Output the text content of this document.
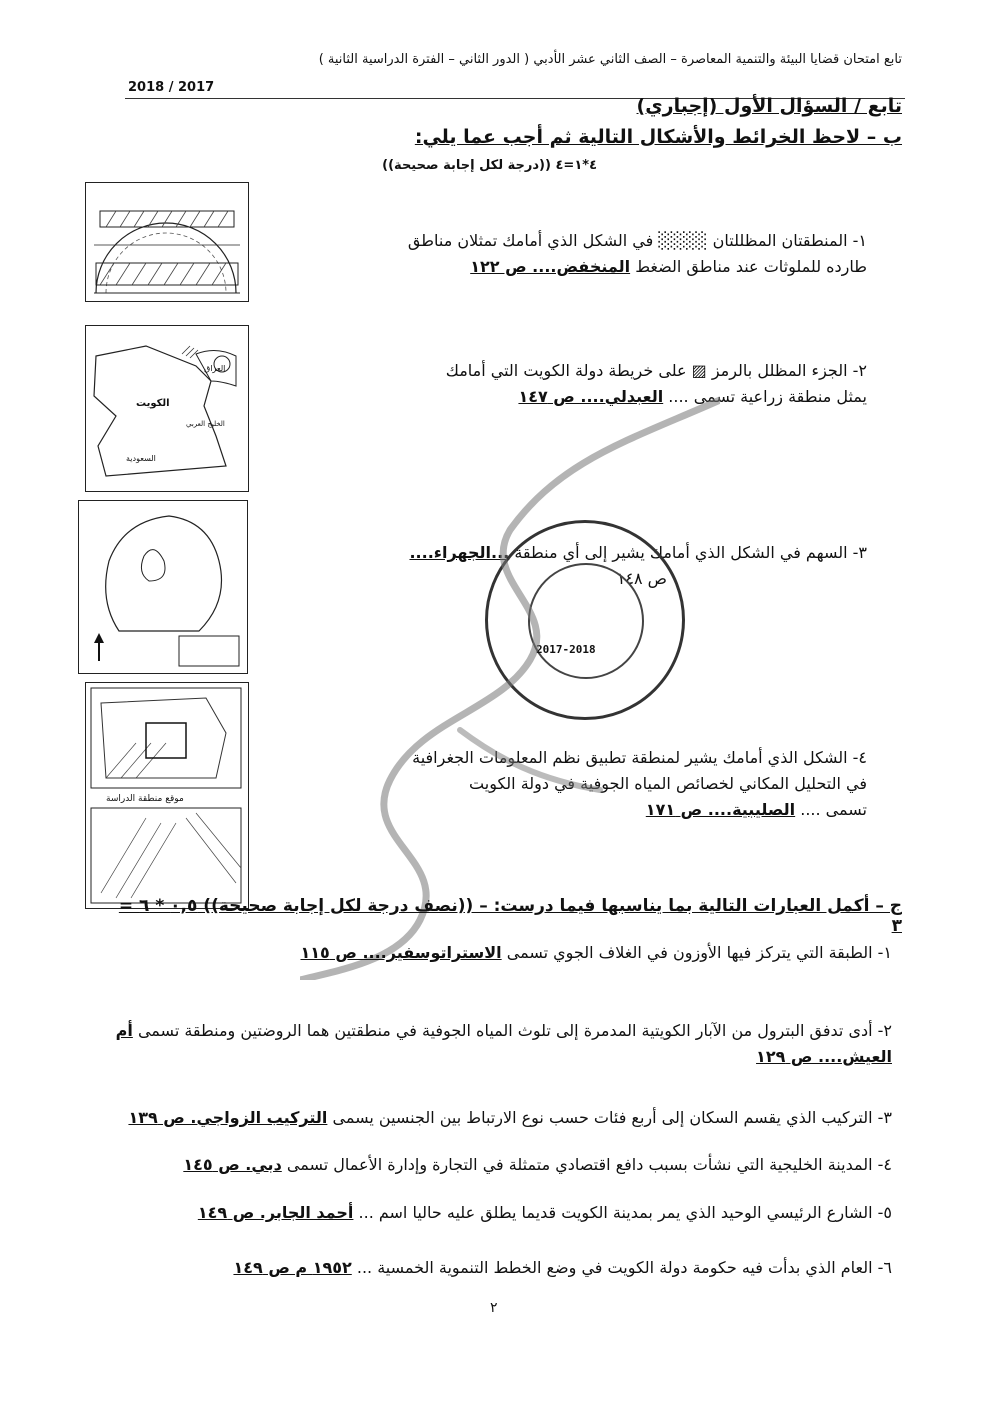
تابع امتحان قضايا البيئة والتنمية المعاصرة – الصف الثاني عشر الأدبي ( الدور الثاني – الفترة الدراسية الثانية )
2018 / 2017
تابع / السؤال الأول (إجباري)
ب – لاحظ الخرائط والأشكال التالية ثم أجب عما يلي:
٤*١=٤ ((درجة لكل إجابة صحيحة))
العراق
الكويت
الخليج العربي
السعودية
موقع منطقة الدراسة
١- المنطقتان المظللتان ░░░░ في الشكل الذي أمامك تمثلان مناطق
طارده للملوثات عند مناطق الضغط المنخفض.... ص ١٢٢
٢- الجزء المظلل بالرمز ▨ على خريطة دولة الكويت التي أمامك
يمثل منطقة زراعية تسمى .... العبدلي.... ص ١٤٧
٣- السهم في الشكل الذي أمامك يشير إلى أي منطقة ...الجهراء....
ص ١٤٨
٤- الشكل الذي أمامك يشير لمنطقة تطبيق نظم المعلومات الجغرافية
في التحليل المكاني لخصائص المياه الجوفية في دولة الكويت
تسمى .... الصليبية.... ص ١٧١
2017-2018
ج – أكمل العبارات التالية بما يناسبها فيما درست: – ((نصف درجة لكل إجابة صحيحة)) ٠,٥ * ٦ = ٣
١- الطبقة التي يتركز فيها الأوزون في الغلاف الجوي تسمى الاستراتوسفير.... ص ١١٥
٢- أدى تدفق البترول من الآبار الكويتية المدمرة إلى تلوث المياه الجوفية في منطقتين هما الروضتين ومنطقة تسمى أم العيش.... ص ١٢٩
٣- التركيب الذي يقسم السكان إلى أربع فئات حسب نوع الارتباط بين الجنسين يسمى التركيب الزواجي. ص ١٣٩
٤- المدينة الخليجية التي نشأت بسبب دافع اقتصادي متمثلة في التجارة وإدارة الأعمال تسمى دبي. ص ١٤٥
٥- الشارع الرئيسي الوحيد الذي يمر بمدينة الكويت قديما يطلق عليه حاليا اسم ... أحمد الجابر. ص ١٤٩
٦- العام الذي بدأت فيه حكومة دولة الكويت في وضع الخطط التنموية الخمسية ... ١٩٥٢ م ص ١٤٩
٢
